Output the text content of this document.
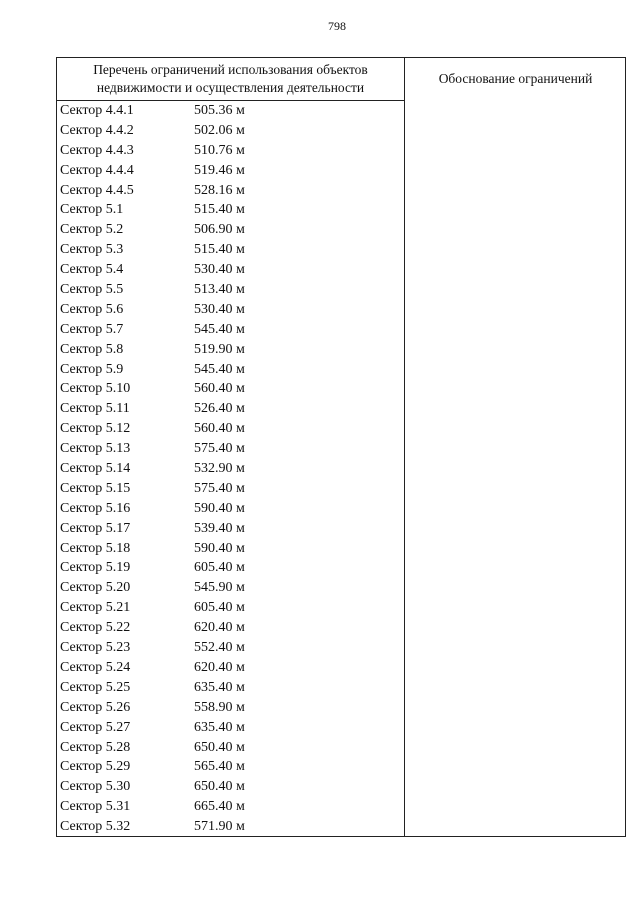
798
Перечень ограничений использования объектов недвижимости и осуществления деятельности
Обоснование ограничений
Сектор 4.4.1	505.36 м
Сектор 4.4.2	502.06 м
Сектор 4.4.3	510.76 м
Сектор 4.4.4	519.46 м
Сектор 4.4.5	528.16 м
Сектор 5.1	515.40 м
Сектор 5.2	506.90 м
Сектор 5.3	515.40 м
Сектор 5.4	530.40 м
Сектор 5.5	513.40 м
Сектор 5.6	530.40 м
Сектор 5.7	545.40 м
Сектор 5.8	519.90 м
Сектор 5.9	545.40 м
Сектор 5.10	560.40 м
Сектор 5.11	526.40 м
Сектор 5.12	560.40 м
Сектор 5.13	575.40 м
Сектор 5.14	532.90 м
Сектор 5.15	575.40 м
Сектор 5.16	590.40 м
Сектор 5.17	539.40 м
Сектор 5.18	590.40 м
Сектор 5.19	605.40 м
Сектор 5.20	545.90 м
Сектор 5.21	605.40 м
Сектор 5.22	620.40 м
Сектор 5.23	552.40 м
Сектор 5.24	620.40 м
Сектор 5.25	635.40 м
Сектор 5.26	558.90 м
Сектор 5.27	635.40 м
Сектор 5.28	650.40 м
Сектор 5.29	565.40 м
Сектор 5.30	650.40 м
Сектор 5.31	665.40 м
Сектор 5.32	571.90 м
